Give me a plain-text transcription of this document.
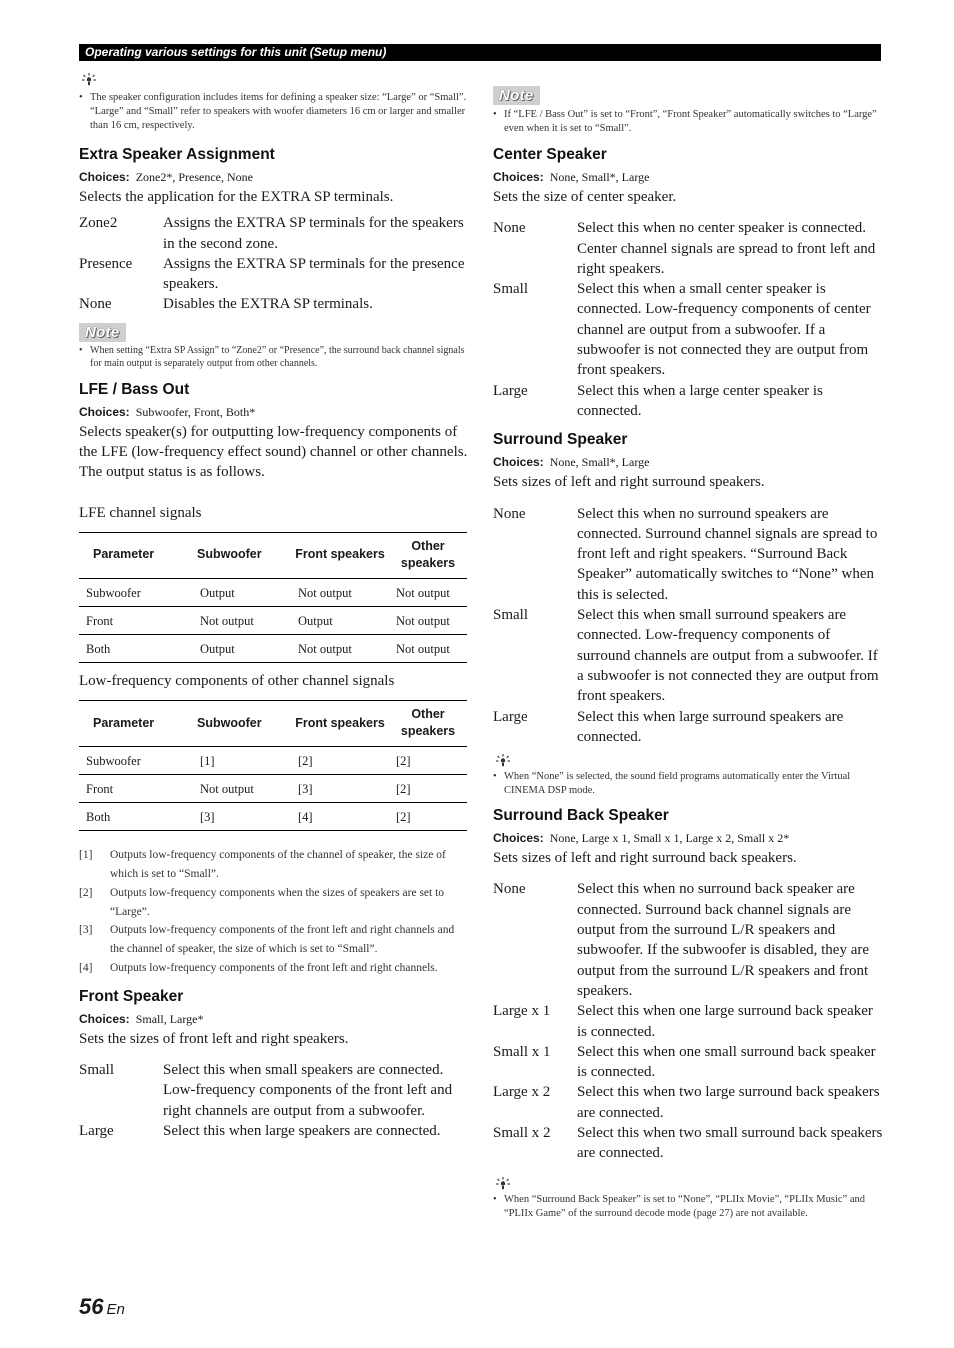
Operating various settings for this unit (Setup menu)
• The speaker configuration includes items for defining a speaker size: “Large” or “Small”. “Large” and “Small” refer to speakers with woofer diameters 16 cm or larger and smaller than 16 cm, respectively.
Extra Speaker Assignment
Choices: Zone2*, Presence, None
Selects the application for the EXTRA SP terminals.
Zone2	Assigns the EXTRA SP terminals for the speakers in the second zone.
Presence	Assigns the EXTRA SP terminals for the presence speakers.
None	Disables the EXTRA SP terminals.
Note
• When setting “Extra SP Assign” to “Zone2” or “Presence”, the surround back channel signals for main output is separately output from other channels.
LFE / Bass Out
Choices: Subwoofer, Front, Both*
Selects speaker(s) for outputting low-frequency components of the LFE (low-frequency effect sound) channel or other channels. The output status is as follows.
LFE channel signals
Parameter	Subwoofer	Front speakers	Other speakers
Subwoofer	Output	Not output	Not output
Front	Not output	Output	Not output
Both	Output	Not output	Not output
Low-frequency components of other channel signals
Parameter	Subwoofer	Front speakers	Other speakers
Subwoofer	[1]	[2]	[2]
Front	Not output	[3]	[2]
Both	[3]	[4]	[2]
[1]	Outputs low-frequency components of the channel of speaker, the size of which is set to “Small”.
[2]	Outputs low-frequency components when the sizes of speakers are set to “Large”.
[3]	Outputs low-frequency components of the front left and right channels and the channel of speaker, the size of which is set to “Small”.
[4]	Outputs low-frequency components of the front left and right channels.
Front Speaker
Choices: Small, Large*
Sets the sizes of front left and right speakers.
Small	Select this when small speakers are connected. Low-frequency components of the front left and right channels are output from a subwoofer.
Large	Select this when large speakers are connected.
Note
• If “LFE / Bass Out” is set to “Front”, “Front Speaker” automatically switches to “Large” even when it is set to “Small”.
Center Speaker
Choices: None, Small*, Large
Sets the size of center speaker.
None	Select this when no center speaker is connected. Center channel signals are spread to front left and right speakers.
Small	Select this when a small center speaker is connected. Low-frequency components of center channel are output from a subwoofer. If a subwoofer is not connected they are output from front speakers.
Large	Select this when a large center speaker is connected.
Surround Speaker
Choices: None, Small*, Large
Sets sizes of left and right surround speakers.
None	Select this when no surround speakers are connected. Surround channel signals are spread to front left and right speakers. “Surround Back Speaker” automatically switches to “None” when this is selected.
Small	Select this when small surround speakers are connected. Low-frequency components of surround channels are output from a subwoofer. If a subwoofer is not connected they are output from front speakers.
Large	Select this when large surround speakers are connected.
• When “None” is selected, the sound field programs automatically enter the Virtual CINEMA DSP mode.
Surround Back Speaker
Choices: None, Large x 1, Small x 1, Large x 2, Small x 2*
Sets sizes of left and right surround back speakers.
None	Select this when no surround back speaker are connected. Surround back channel signals are output from the surround L/R speakers and subwoofer. If the subwoofer is disabled, they are output from the surround L/R speakers and front speakers.
Large x 1	Select this when one large surround back speaker is connected.
Small x 1	Select this when one small surround back speaker is connected.
Large x 2	Select this when two large surround back speakers are connected.
Small x 2	Select this when two small surround back speakers are connected.
• When “Surround Back Speaker” is set to “None”, “PLIIx Movie”, “PLIIx Music” and “PLIIx Game” of the surround decode mode (page 27) are not available.
56 En
